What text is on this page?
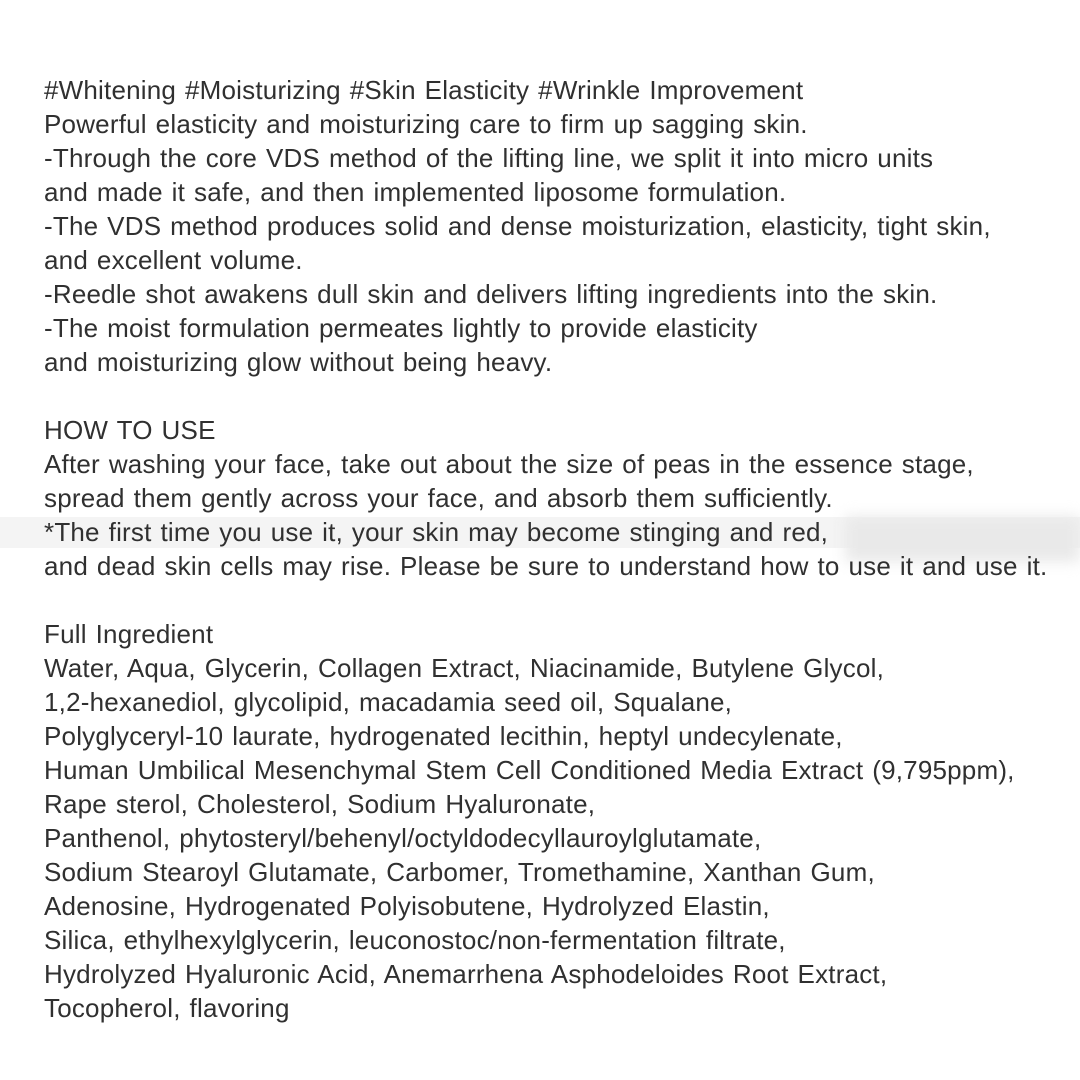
#Whitening #Moisturizing #Skin Elasticity #Wrinkle Improvement
Powerful elasticity and moisturizing care to firm up sagging skin.
-Through the core VDS method of the lifting line, we split it into micro units
and made it safe, and then implemented liposome formulation.
-The VDS method produces solid and dense moisturization, elasticity, tight skin,
and excellent volume.
-Reedle shot awakens dull skin and delivers lifting ingredients into the skin.
-The moist formulation permeates lightly to provide elasticity
and moisturizing glow without being heavy.
HOW TO USE
After washing your face, take out about the size of peas in the essence stage,
spread them gently across your face, and absorb them sufficiently.
*The first time you use it, your skin may become stinging and red,
and dead skin cells may rise. Please be sure to understand how to use it and use it.
Full Ingredient
Water, Aqua, Glycerin, Collagen Extract, Niacinamide, Butylene Glycol,
1,2-hexanediol, glycolipid, macadamia seed oil, Squalane,
Polyglyceryl-10 laurate, hydrogenated lecithin, heptyl undecylenate,
Human Umbilical Mesenchymal Stem Cell Conditioned Media Extract (9,795ppm),
Rape sterol, Cholesterol, Sodium Hyaluronate,
Panthenol, phytosteryl/behenyl/octyldodecyllauroylglutamate,
Sodium Stearoyl Glutamate, Carbomer, Tromethamine, Xanthan Gum,
Adenosine, Hydrogenated Polyisobutene, Hydrolyzed Elastin,
Silica, ethylhexylglycerin, leuconostoc/non-fermentation filtrate,
Hydrolyzed Hyaluronic Acid, Anemarrhena Asphodeloides Root Extract,
Tocopherol, flavoring
